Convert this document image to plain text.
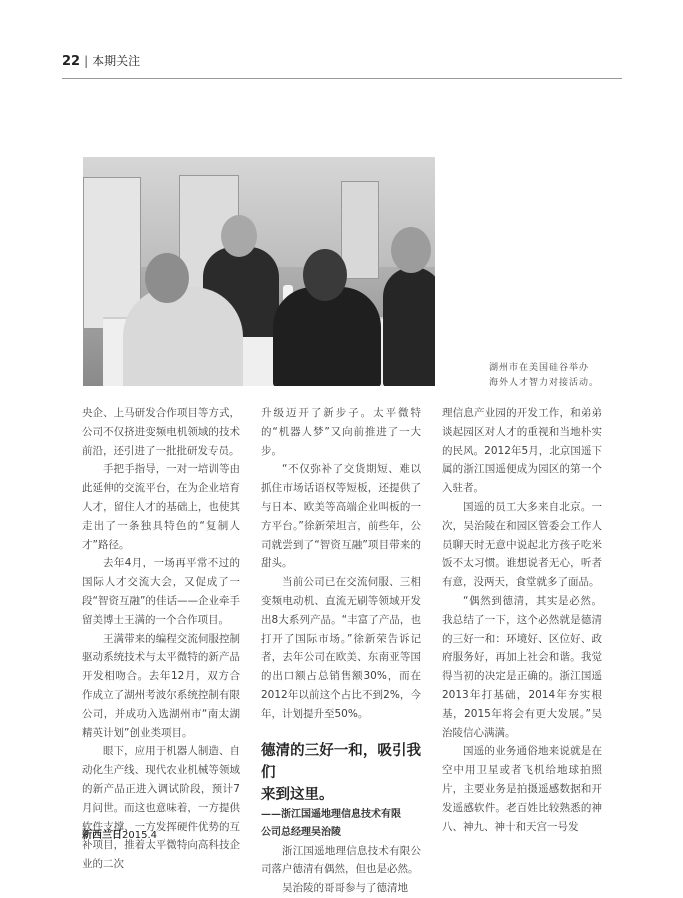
22 | 本期关注
湖州市在美国硅谷举办
海外人才智力对接活动。

央企、上马研发合作项目等方式，公司不仅挤进变频电机领域的技术前沿，还引进了一批批研发专员。

手把手指导，一对一培训等由此延伸的交流平台，在为企业培育人才，留住人才的基础上，也使其走出了一条独具特色的“复制人才”路径。

去年4月，一场再平常不过的国际人才交流大会，又促成了一段“智资互融”的佳话——企业牵手留美博士王满的一个合作项目。

王满带来的编程交流伺服控制驱动系统技术与太平微特的新产品开发相吻合。去年12月，双方合作成立了湖州考波尔系统控制有限公司，并成功入选湖州市“南太湖精英计划”创业类项目。

眼下，应用于机器人制造、自动化生产线、现代农业机械等领域的新产品正进入调试阶段，预计7月问世。而这也意味着，一方提供软件支撑、一方发挥硬件优势的互补项目，推着太平微特向高科技企业的二次

升级迈开了新步子。太平微特的“机器人梦”又向前推进了一大步。

“不仅弥补了交货期短、难以抓住市场话语权等短板，还提供了与日本、欧美等高端企业叫板的一方平台。”徐新荣坦言，前些年，公司就尝到了“智资互融”项目带来的甜头。

当前公司已在交流伺服、三相变频电动机、直流无刷等领域开发出8大系列产品。“丰富了产品，也打开了国际市场。”徐新荣告诉记者，去年公司在欧美、东南亚等国的出口额占总销售额30%，而在2012年以前这个占比不到2%，今年，计划提升至50%。

德清的三好一和，吸引我们
来到这里。
——浙江国遥地理信息技术有限
公司总经理吴治陵

浙江国遥地理信息技术有限公司落户德清有偶然，但也是必然。

吴治陵的哥哥参与了德清地

理信息产业园的开发工作，和弟弟谈起园区对人才的重视和当地朴实的民风。2012年5月，北京国遥下属的浙江国遥便成为园区的第一个入驻者。

国遥的员工大多来自北京。一次，吴治陵在和园区管委会工作人员聊天时无意中说起北方孩子吃米饭不太习惯。谁想说者无心，听者有意，没两天，食堂就多了面品。

“偶然到德清，其实是必然。我总结了一下，这个必然就是德清的三好一和：环境好、区位好、政府服务好，再加上社会和谐。我觉得当初的决定是正确的。浙江国遥2013年打基础，2014年夯实根基，2015年将会有更大发展。”吴治陵信心满满。

国遥的业务通俗地来说就是在空中用卫星或者飞机给地球拍照片，主要业务是拍摄遥感数据和开发遥感软件。老百姓比较熟悉的神八、神九、神十和天宫一号发

新西兰日2015.4
